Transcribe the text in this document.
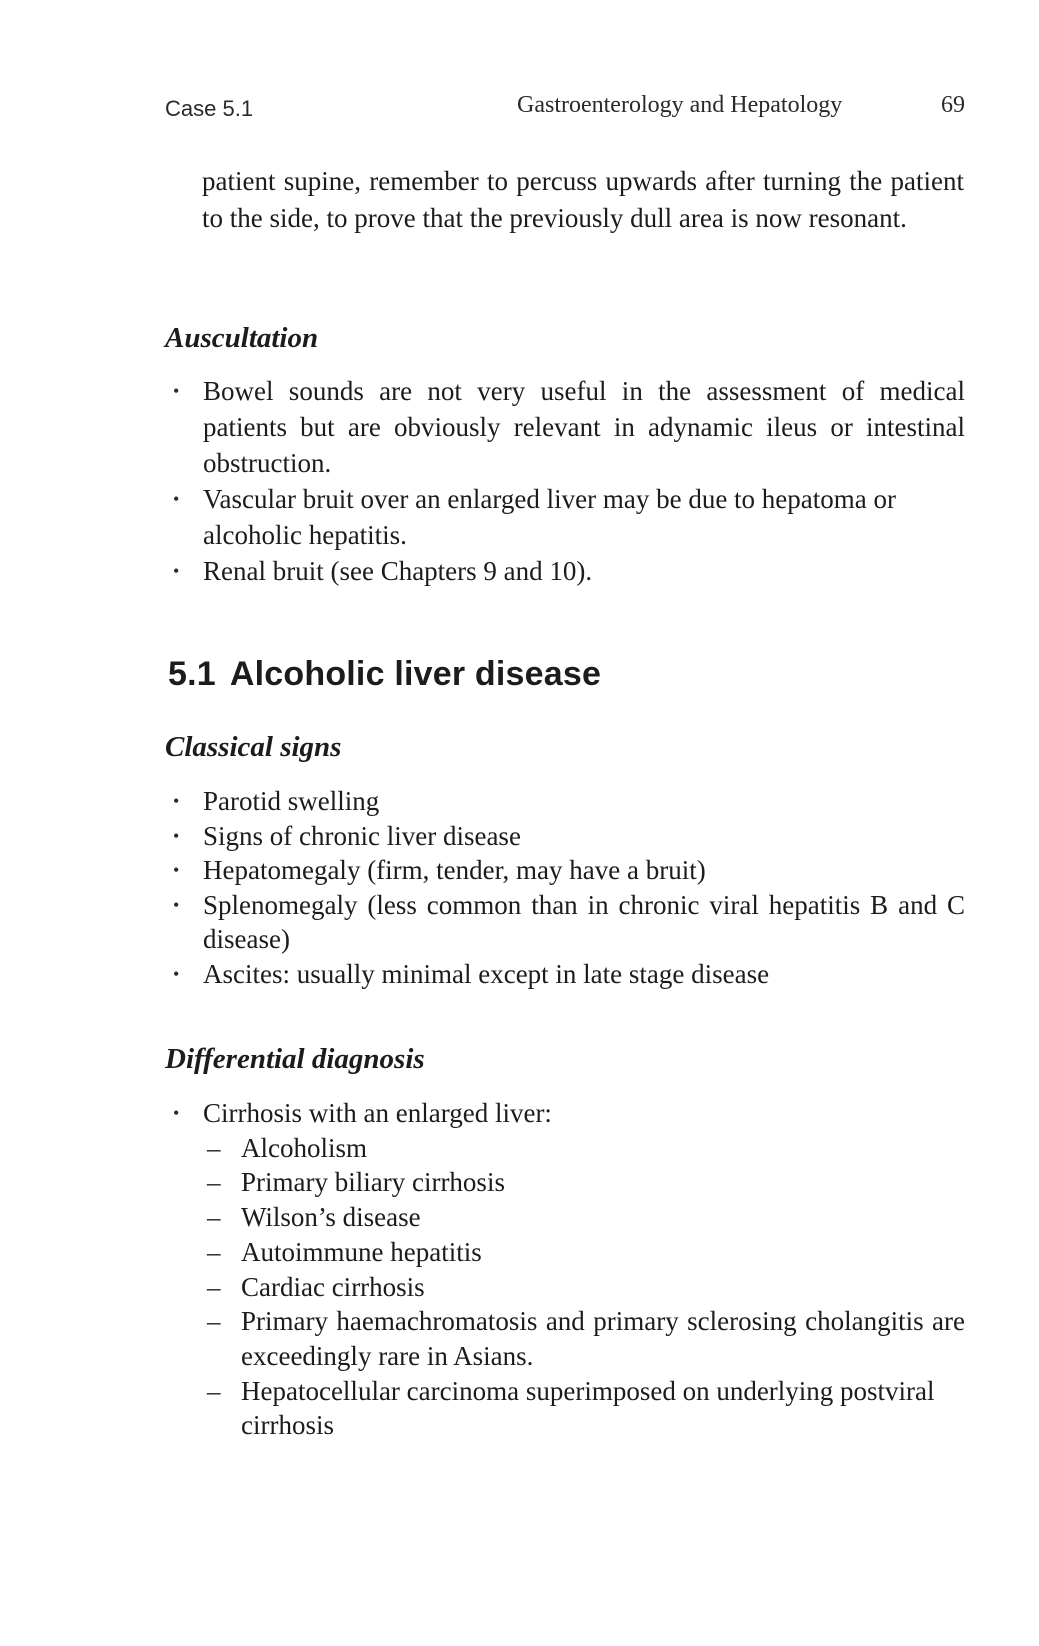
Case 5.1	Gastroenterology and Hepatology	69

patient supine, remember to percuss upwards after turning the patient to the side, to prove that the previously dull area is now resonant.

Auscultation
• Bowel sounds are not very useful in the assessment of medical patients but are obviously relevant in adynamic ileus or intestinal obstruction.
• Vascular bruit over an enlarged liver may be due to hepatoma or alcoholic hepatitis.
• Renal bruit (see Chapters 9 and 10).
5.1 Alcoholic liver disease
Classical signs
• Parotid swelling
• Signs of chronic liver disease
• Hepatomegaly (firm, tender, may have a bruit)
• Splenomegaly (less common than in chronic viral hepatitis B and C disease)
• Ascites: usually minimal except in late stage disease
Differential diagnosis
• Cirrhosis with an enlarged liver:
– Alcoholism
– Primary biliary cirrhosis
– Wilson’s disease
– Autoimmune hepatitis
– Cardiac cirrhosis
– Primary haemachromatosis and primary sclerosing cholangitis are exceedingly rare in Asians.
– Hepatocellular carcinoma superimposed on underlying postviral cirrhosis
